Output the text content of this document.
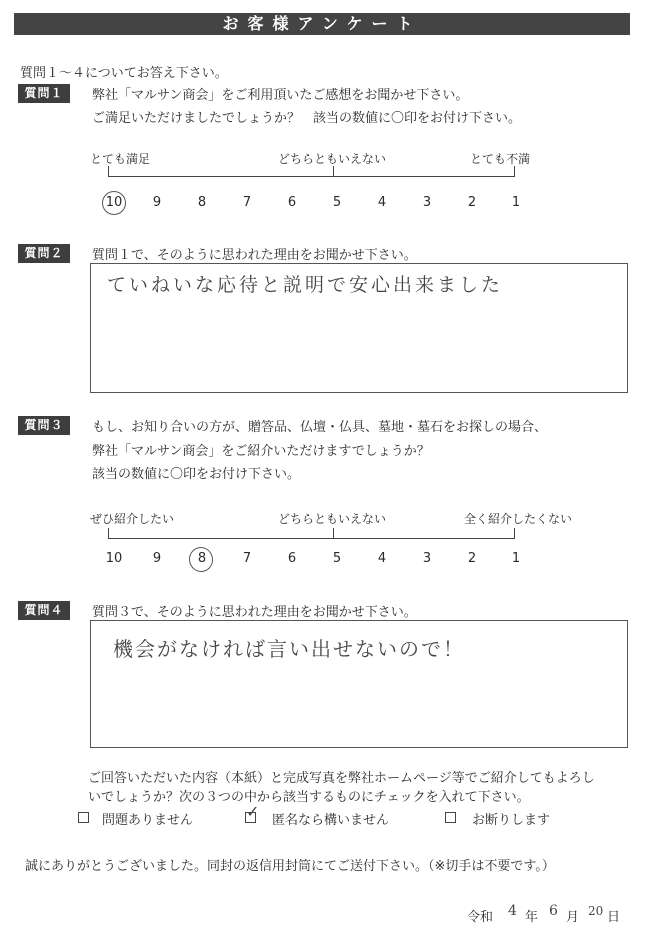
お客様アンケート
質問１～４についてお答え下さい。
質問１	弊社「マルサン商会」をご利用頂いたご感想をお聞かせ下さい。
ご満足いただけましたでしょうか？　該当の数値に〇印をお付け下さい。
とても満足	どちらともいえない	とても不満
10	9	8	7	6	5	4	3	2	1
質問２	質問１で、そのように思われた理由をお聞かせ下さい。
ていねいな応待と説明で安心出来ました
質問３	もし、お知り合いの方が、贈答品、仏壇・仏具、墓地・墓石をお探しの場合、
弊社「マルサン商会」をご紹介いただけますでしょうか？
該当の数値に〇印をお付け下さい。
ぜひ紹介したい	どちらともいえない	全く紹介したくない
10	9	8	7	6	5	4	3	2	1
質問４	質問３で、そのように思われた理由をお聞かせ下さい。
機会がなければ言い出せないので！
ご回答いただいた内容（本紙）と完成写真を弊社ホームページ等でご紹介してもよろし
いでしょうか？次の３つの中から該当するものにチェックを入れて下さい。
問題ありません	✓ 匿名なら構いません	お断りします
誠にありがとうございました。同封の返信用封筒にてご送付下さい。（※切手は不要です。）
令和 4 年 6 月 20 日
